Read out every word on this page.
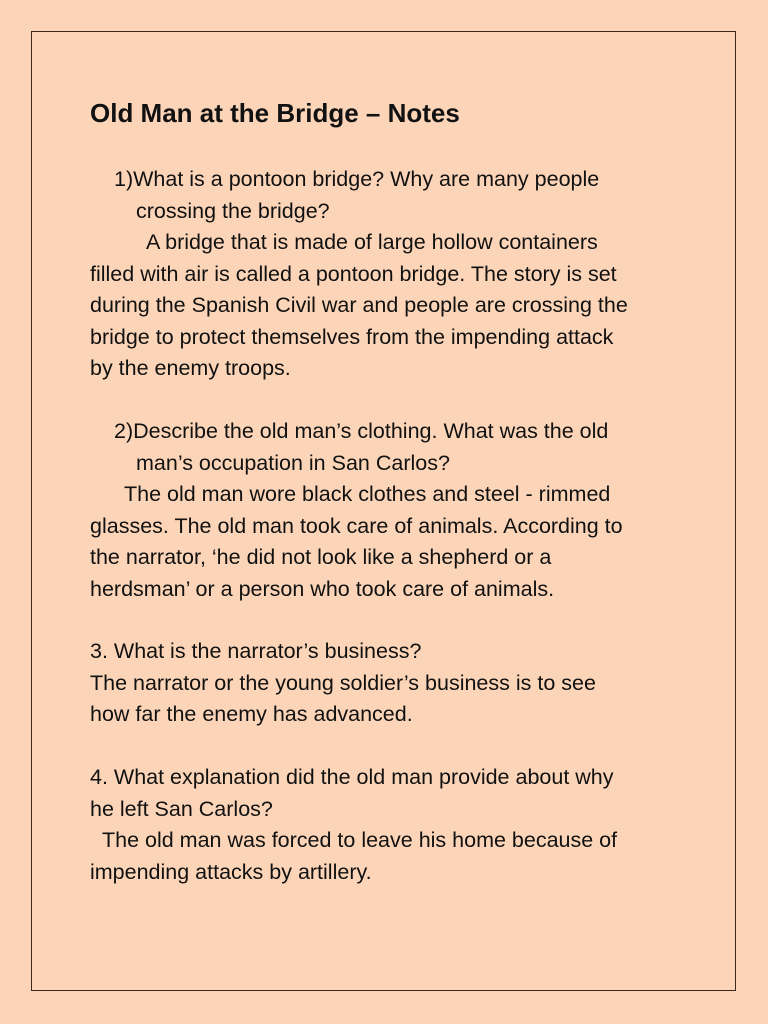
Old Man at the Bridge – Notes
1)What is a pontoon bridge? Why are many people
crossing the bridge?
A bridge that is made of large hollow containers
filled with air is called a pontoon bridge. The story is set
during the Spanish Civil war and people are crossing the
bridge to protect themselves from the impending attack
by the enemy troops.
2)Describe the old man’s clothing. What was the old
man’s occupation in San Carlos?
The old man wore black clothes and steel - rimmed
glasses. The old man took care of animals. According to
the narrator, ‘he did not look like a shepherd or a
herdsman’ or a person who took care of animals.
3. What is the narrator’s business?
The narrator or the young soldier’s business is to see
how far the enemy has advanced.
4. What explanation did the old man provide about why
he left San Carlos?
The old man was forced to leave his home because of
impending attacks by artillery.
